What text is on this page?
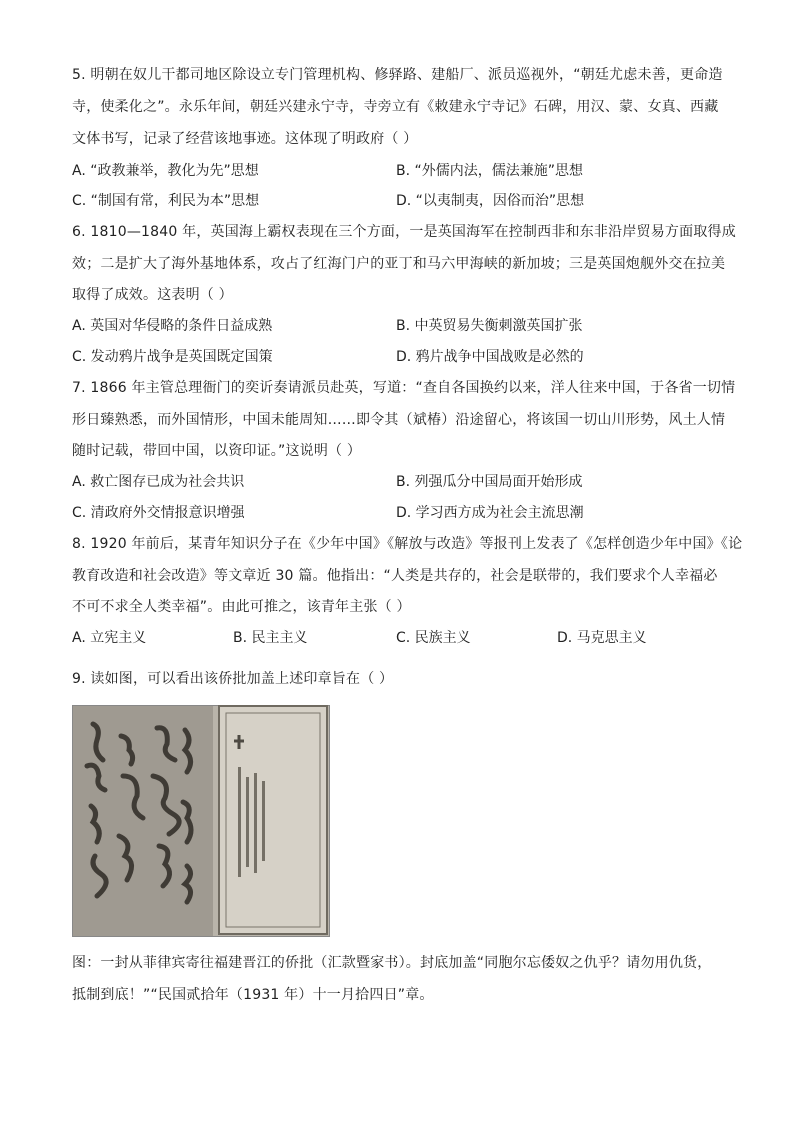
5. 明朝在奴儿干都司地区除设立专门管理机构、修驿路、建船厂、派员巡视外，“朝廷尤虑未善，更命造
寺，使柔化之”。永乐年间，朝廷兴建永宁寺，寺旁立有《敕建永宁寺记》石碑，用汉、蒙、女真、西藏
文体书写，记录了经营该地事迹。这体现了明政府（ ）
A. “政教兼举，教化为先”思想	B. “外儒内法，儒法兼施”思想
C. “制国有常，利民为本”思想	D. “以夷制夷，因俗而治”思想
6. 1810—1840 年，英国海上霸权表现在三个方面，一是英国海军在控制西非和东非沿岸贸易方面取得成
效；二是扩大了海外基地体系，攻占了红海门户的亚丁和马六甲海峡的新加坡；三是英国炮舰外交在拉美
取得了成效。这表明（ ）
A. 英国对华侵略的条件日益成熟	B. 中英贸易失衡刺激英国扩张
C. 发动鸦片战争是英国既定国策	D. 鸦片战争中国战败是必然的
7. 1866 年主管总理衙门的奕䜣奏请派员赴英，写道：“查自各国换约以来，洋人往来中国，于各省一切情
形日臻熟悉，而外国情形，中国未能周知……即令其（斌椿）沿途留心，将该国一切山川形势，风土人情
随时记载，带回中国，以资印证。”这说明（ ）
A. 救亡图存已成为社会共识	B. 列强瓜分中国局面开始形成
C. 清政府外交情报意识增强	D. 学习西方成为社会主流思潮
8. 1920 年前后，某青年知识分子在《少年中国》《解放与改造》等报刊上发表了《怎样创造少年中国》《论
教育改造和社会改造》等文章近 30 篇。他指出：“人类是共存的，社会是联带的，我们要求个人幸福必
不可不求全人类幸福”。由此可推之，该青年主张（ ）
A. 立宪主义	B. 民主主义	C. 民族主义	D. 马克思主义
9. 读如图，可以看出该侨批加盖上述印章旨在（ ）
图：一封从菲律宾寄往福建晋江的侨批（汇款暨家书）。封底加盖“同胞尔忘倭奴之仇乎？请勿用仇货，
抵制到底！”“民国贰拾年（1931 年）十一月拾四日”章。
